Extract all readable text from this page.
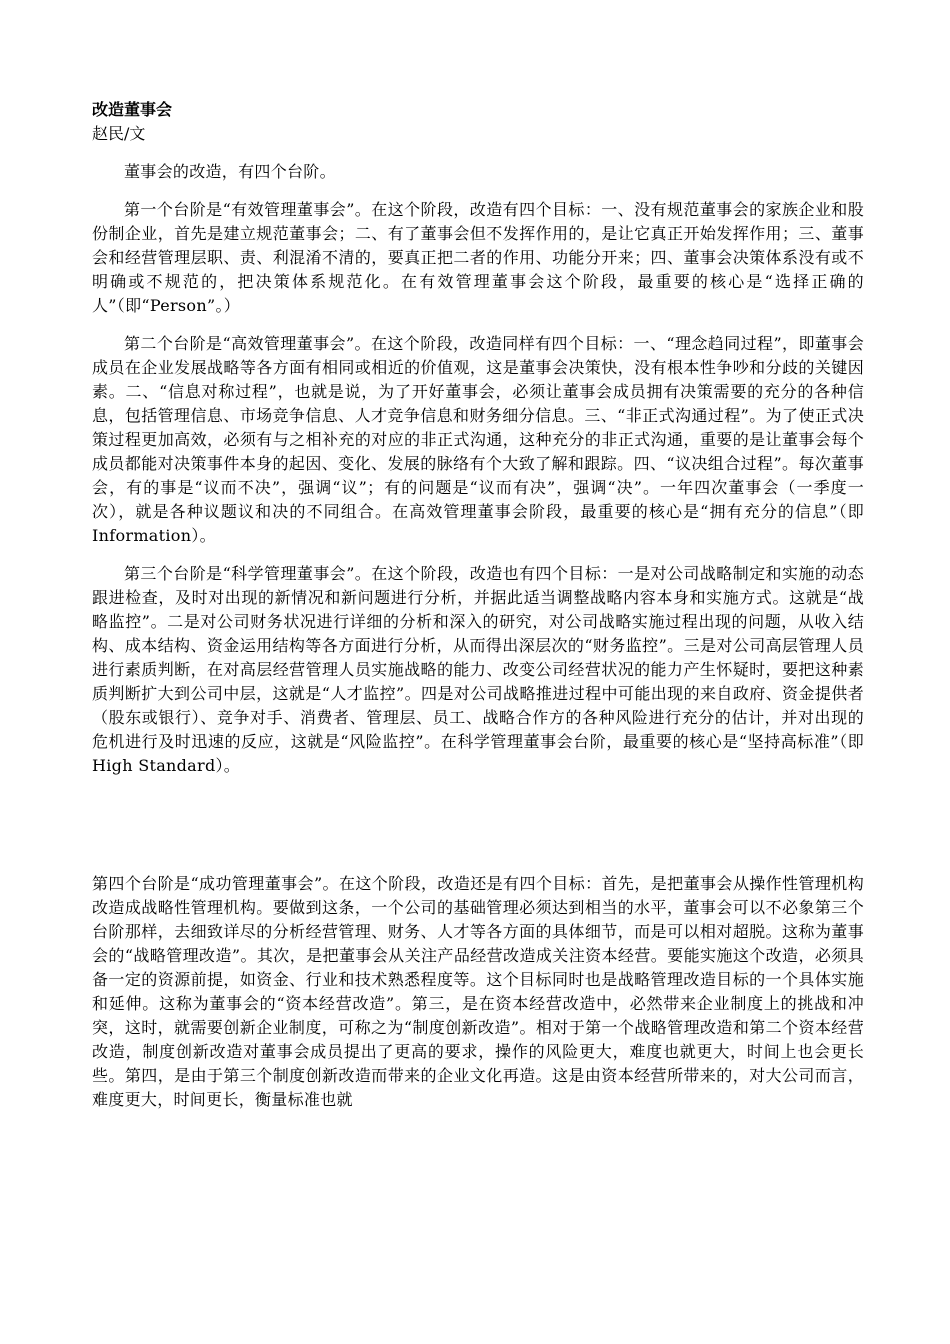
改造董事会
赵民/文

董事会的改造，有四个台阶。

第一个台阶是“有效管理董事会”。在这个阶段，改造有四个目标：一、没有规范董事会的家族企业和股份制企业，首先是建立规范董事会；二、有了董事会但不发挥作用的，是让它真正开始发挥作用；三、董事会和经营管理层职、责、利混淆不清的，要真正把二者的作用、功能分开来；四、董事会决策体系没有或不明确或不规范的，把决策体系规范化。在有效管理董事会这个阶段，最重要的核心是“选择正确的人”（即“Person”。）

第二个台阶是“高效管理董事会”。在这个阶段，改造同样有四个目标：一、“理念趋同过程”，即董事会成员在企业发展战略等各方面有相同或相近的价值观，这是董事会决策快，没有根本性争吵和分歧的关键因素。二、“信息对称过程”，也就是说，为了开好董事会，必须让董事会成员拥有决策需要的充分的各种信息，包括管理信息、市场竞争信息、人才竞争信息和财务细分信息。三、“非正式沟通过程”。为了使正式决策过程更加高效，必须有与之相补充的对应的非正式沟通，这种充分的非正式沟通，重要的是让董事会每个成员都能对决策事件本身的起因、变化、发展的脉络有个大致了解和跟踪。四、“议决组合过程”。每次董事会，有的事是“议而不决”，强调“议”；有的问题是“议而有决”，强调“决”。一年四次董事会（一季度一次），就是各种议题议和决的不同组合。在高效管理董事会阶段，最重要的核心是“拥有充分的信息”（即Information）。

第三个台阶是“科学管理董事会”。在这个阶段，改造也有四个目标：一是对公司战略制定和实施的动态跟进检查，及时对出现的新情况和新问题进行分析，并据此适当调整战略内容本身和实施方式。这就是“战略监控”。二是对公司财务状况进行详细的分析和深入的研究，对公司战略实施过程出现的问题，从收入结构、成本结构、资金运用结构等各方面进行分析，从而得出深层次的“财务监控”。三是对公司高层管理人员进行素质判断，在对高层经营管理人员实施战略的能力、改变公司经营状况的能力产生怀疑时，要把这种素质判断扩大到公司中层，这就是“人才监控”。四是对公司战略推进过程中可能出现的来自政府、资金提供者（股东或银行）、竞争对手、消费者、管理层、员工、战略合作方的各种风险进行充分的估计，并对出现的危机进行及时迅速的反应，这就是“风险监控”。在科学管理董事会台阶，最重要的核心是“坚持高标准”（即High Standard）。

第四个台阶是“成功管理董事会”。在这个阶段，改造还是有四个目标：首先，是把董事会从操作性管理机构改造成战略性管理机构。要做到这条，一个公司的基础管理必须达到相当的水平，董事会可以不必象第三个台阶那样，去细致详尽的分析经营管理、财务、人才等各方面的具体细节，而是可以相对超脱。这称为董事会的“战略管理改造”。其次，是把董事会从关注产品经营改造成关注资本经营。要能实施这个改造，必须具备一定的资源前提，如资金、行业和技术熟悉程度等。这个目标同时也是战略管理改造目标的一个具体实施和延伸。这称为董事会的“资本经营改造”。第三，是在资本经营改造中，必然带来企业制度上的挑战和冲突，这时，就需要创新企业制度，可称之为“制度创新改造”。相对于第一个战略管理改造和第二个资本经营改造，制度创新改造对董事会成员提出了更高的要求，操作的风险更大，难度也就更大，时间上也会更长些。第四，是由于第三个制度创新改造而带来的企业文化再造。这是由资本经营所带来的，对大公司而言，难度更大，时间更长，衡量标准也就
